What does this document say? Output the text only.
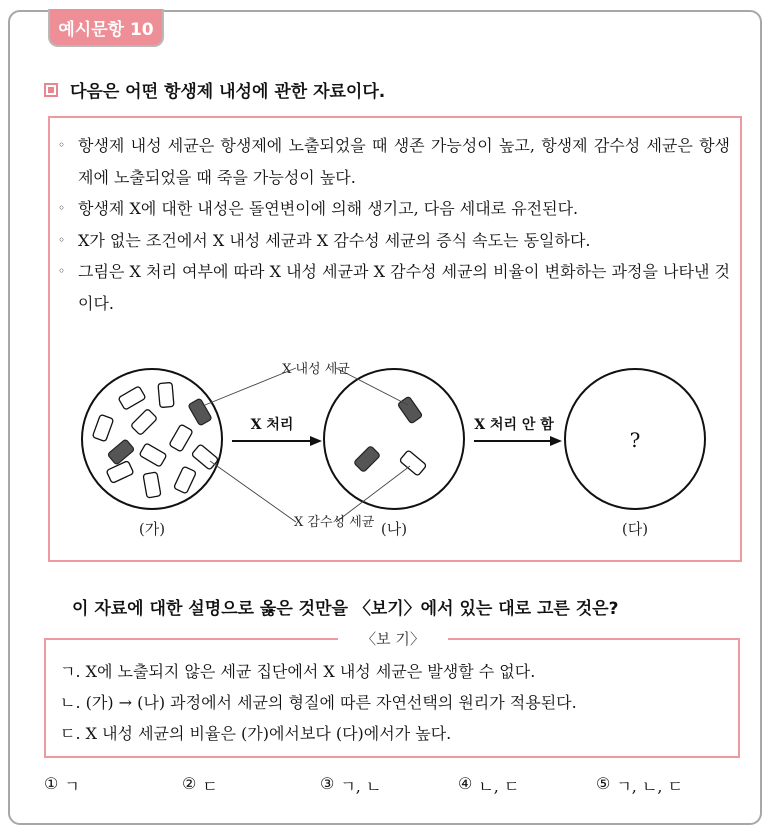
예시문항 10
다음은 어떤 항생제 내성에 관한 자료이다.
◦ 항생제 내성 세균은 항생제에 노출되었을 때 생존 가능성이 높고, 항생제 감수성 세균은 항생제에 노출되었을 때 죽을 가능성이 높다.
◦ 항생제 X에 대한 내성은 돌연변이에 의해 생기고, 다음 세대로 유전된다.
◦ X가 없는 조건에서 X 내성 세균과 X 감수성 세균의 증식 속도는 동일하다.
◦ 그림은 X 처리 여부에 따라 X 내성 세균과 X 감수성 세균의 비율이 변화하는 과정을 나타낸 것이다.
(가)
X 처리
(나)
X 내성 세균
X 감수성 세균
X 처리 안 함
?
(다)
이 자료에 대한 설명으로 옳은 것만을 〈보기〉에서 있는 대로 고른 것은?
〈보 기〉
ㄱ. X에 노출되지 않은 세균 집단에서 X 내성 세균은 발생할 수 없다.
ㄴ. (가) → (나) 과정에서 세균의 형질에 따른 자연선택의 원리가 적용된다.
ㄷ. X 내성 세균의 비율은 (가)에서보다 (다)에서가 높다.
① ㄱ	② ㄷ	③ ㄱ, ㄴ	④ ㄴ, ㄷ	⑤ ㄱ, ㄴ, ㄷ
